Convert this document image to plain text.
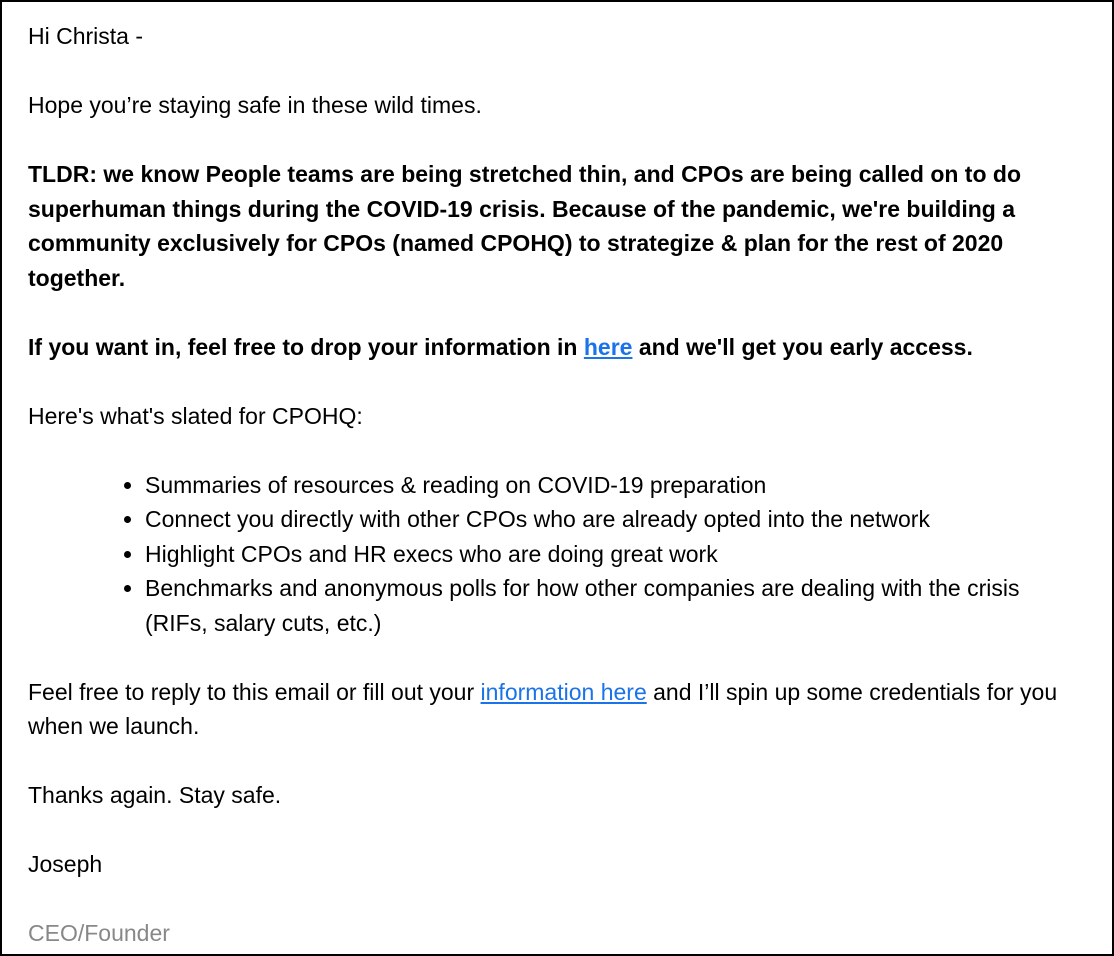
Hi Christa -

Hope you’re staying safe in these wild times.

TLDR: we know People teams are being stretched thin, and CPOs are being called on to do superhuman things during the COVID-19 crisis. Because of the pandemic, we're building a community exclusively for CPOs (named CPOHQ) to strategize & plan for the rest of 2020 together.

If you want in, feel free to drop your information in here and we'll get you early access.

Here's what's slated for CPOHQ:

• Summaries of resources & reading on COVID-19 preparation
• Connect you directly with other CPOs who are already opted into the network
• Highlight CPOs and HR execs who are doing great work
• Benchmarks and anonymous polls for how other companies are dealing with the crisis (RIFs, salary cuts, etc.)

Feel free to reply to this email or fill out your information here and I’ll spin up some credentials for you when we launch.

Thanks again. Stay safe.

Joseph

CEO/Founder
